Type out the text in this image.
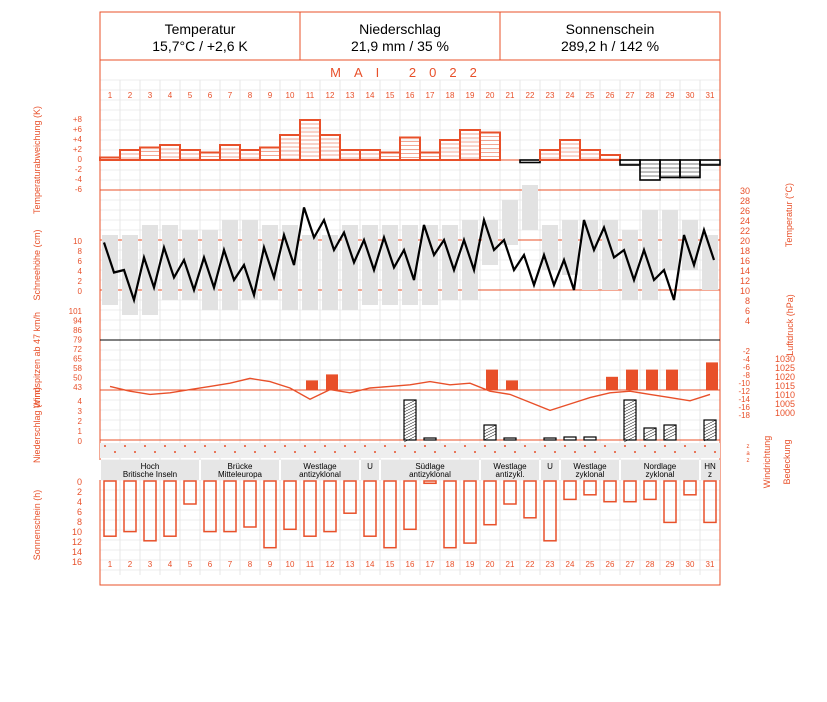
1
1
2
2
3
3
4
4
5
5
6
6
7
7
8
8
9
9
10
10
11
11
12
12
13
13
14
14
15
15
16
16
17
17
18
18
19
19
20
20
21
21
22
22
23
23
24
24
25
25
26
26
27
27
28
28
29
29
30
30
31
31
+8
+6
+4
+2
0
-2
-4
-6
Temperaturabweichung (K)	30
28
26
24
22
20
18
16
14
12
10
8
6
4
10
8
6
4
2
0
Schneehöhe (cm)
Temperatur (°C)
101
94
86
79
72
65
58
50
43
-2
-4
-6
-8
-10
-12
-14
-16
-18
1030
1025
1020
1015
1010
1005
1000
Windspitzen ab 47 km/h	Luftdruck (hPa)
4
3
2
1
0
Niederschlag (mm)
Hoch
Britische Inseln
Brücke
Mitteleuropa
Westlage
antizyklonal
U	Südlage
antizyklonal
Westlage
antizykl.
U	Westlage
zyklonal
Nordlage
zyklonal
HN
z	Windrichtung Bedeckung
z
a
z
0
2
4
6
8
10
12
14
16
Sonnenschein (h)
Temperatur
15,7°C / +2,6 K
Niederschlag
21,9 mm / 35 %
Sonnenschein
289,2 h / 142 %
MAI 2022
